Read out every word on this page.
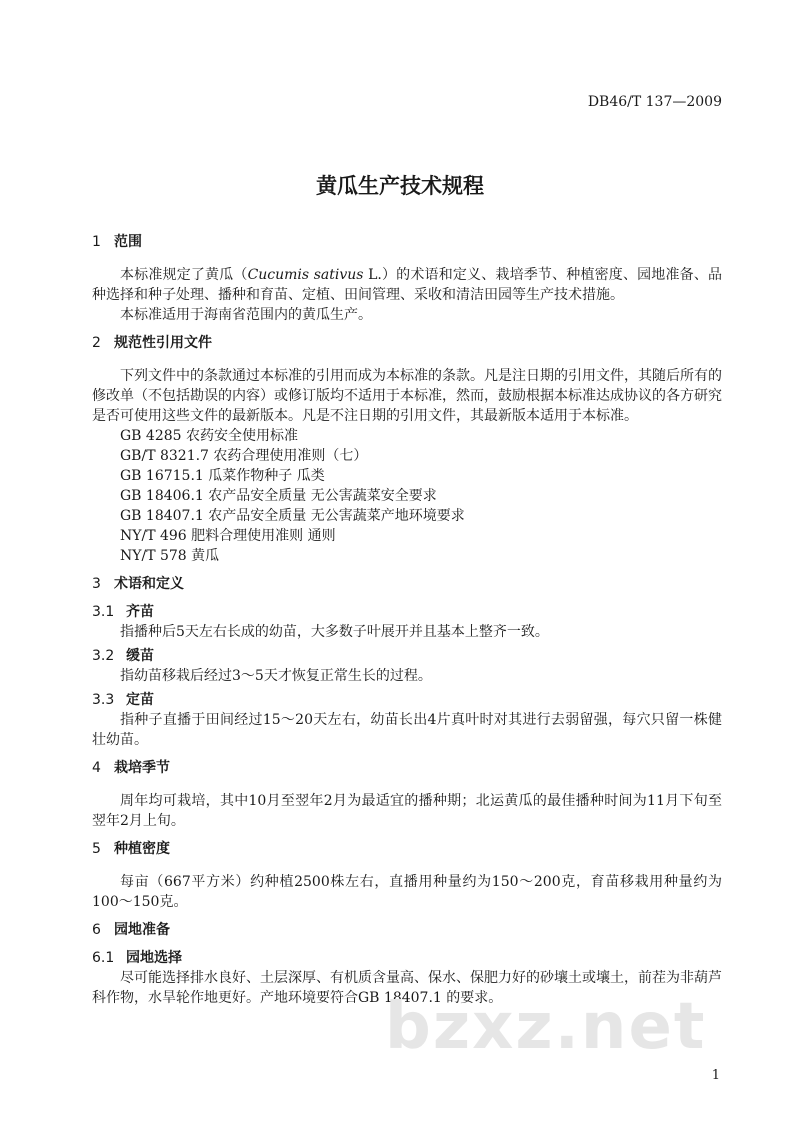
DB46/T 137—2009
黄瓜生产技术规程
1 范围
本标准规定了黄瓜（Cucumis sativus L.）的术语和定义、栽培季节、种植密度、园地准备、品种选择和种子处理、播种和育苗、定植、田间管理、采收和清洁田园等生产技术措施。
本标准适用于海南省范围内的黄瓜生产。
2 规范性引用文件
下列文件中的条款通过本标准的引用而成为本标准的条款。凡是注日期的引用文件，其随后所有的修改单（不包括勘误的内容）或修订版均不适用于本标准，然而，鼓励根据本标准达成协议的各方研究是否可使用这些文件的最新版本。凡是不注日期的引用文件，其最新版本适用于本标准。
GB 4285 农药安全使用标准
GB/T 8321.7 农药合理使用准则（七）
GB 16715.1 瓜菜作物种子 瓜类
GB 18406.1 农产品安全质量 无公害蔬菜安全要求
GB 18407.1 农产品安全质量 无公害蔬菜产地环境要求
NY/T 496 肥料合理使用准则 通则
NY/T 578 黄瓜
3 术语和定义
3.1 齐苗
指播种后5天左右长成的幼苗，大多数子叶展开并且基本上整齐一致。
3.2 缓苗
指幼苗移栽后经过3～5天才恢复正常生长的过程。
3.3 定苗
指种子直播于田间经过15～20天左右，幼苗长出4片真叶时对其进行去弱留强，每穴只留一株健壮幼苗。
4 栽培季节
周年均可栽培，其中10月至翌年2月为最适宜的播种期；北运黄瓜的最佳播种时间为11月下旬至翌年2月上旬。
5 种植密度
每亩（667平方米）约种植2500株左右，直播用种量约为150～200克，育苗移栽用种量约为100～150克。
6 园地准备
6.1 园地选择
尽可能选择排水良好、土层深厚、有机质含量高、保水、保肥力好的砂壤土或壤土，前茬为非葫芦科作物，水旱轮作地更好。产地环境要符合GB 18407.1 的要求。
bzxz.net
1
